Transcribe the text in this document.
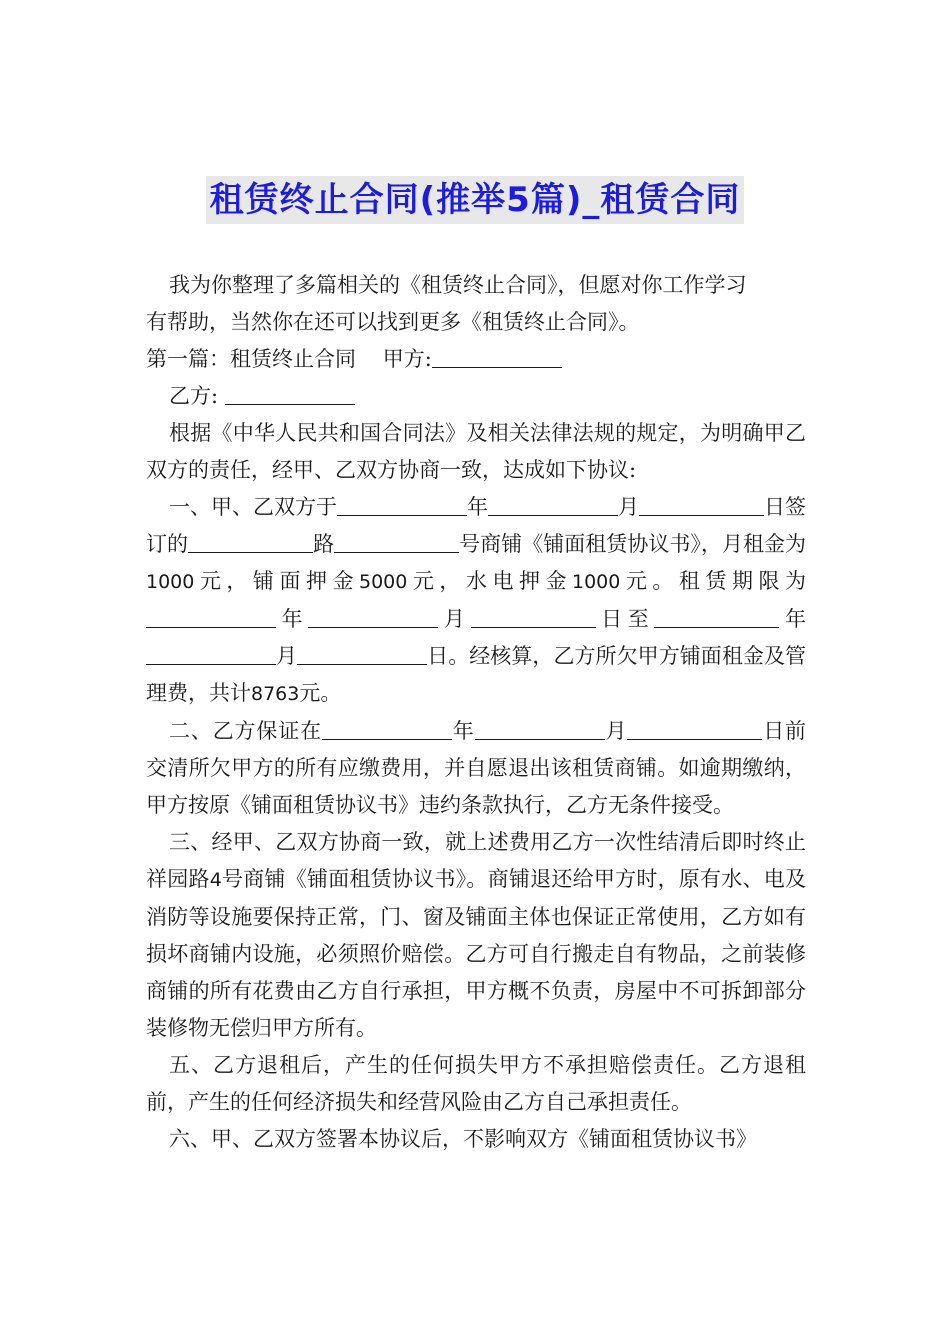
租赁终止合同(推举5篇)_租赁合同

我为你整理了多篇相关的《租赁终止合同》，但愿对你工作学习
有帮助，当然你在还可以找到更多《租赁终止合同》。

第一篇：租赁终止合同 甲方:

乙方:

根据《中华人民共和国合同法》及相关法律法规的规定，为明确甲乙双方的责任，经甲、乙双方协商一致，达成如下协议:

一、甲、乙双方于	年	月	日签订的	路	号商铺《铺面租赁协议书》，月租金为1000元，铺面押金5000元，水电押金1000元。租赁期限为年	月	日至	年月	日。经核算，乙方所欠甲方铺面租金及管理费，共计8763元。

二、乙方保证在	年	月	日前交清所欠甲方的所有应缴费用，并自愿退出该租赁商铺。如逾期缴纳，甲方按原《铺面租赁协议书》违约条款执行，乙方无条件接受。

三、经甲、乙双方协商一致，就上述费用乙方一次性结清后即时终止祥园路4号商铺《铺面租赁协议书》。商铺退还给甲方时，原有水、电及消防等设施要保持正常，门、窗及铺面主体也保证正常使用，乙方如有损坏商铺内设施，必须照价赔偿。乙方可自行搬走自有物品，之前装修商铺的所有花费由乙方自行承担，甲方概不负责，房屋中不可拆卸部分装修物无偿归甲方所有。

五、乙方退租后，产生的任何损失甲方不承担赔偿责任。乙方退租前，产生的任何经济损失和经营风险由乙方自己承担责任。

六、甲、乙双方签署本协议后，不影响双方《铺面租赁协议书》
